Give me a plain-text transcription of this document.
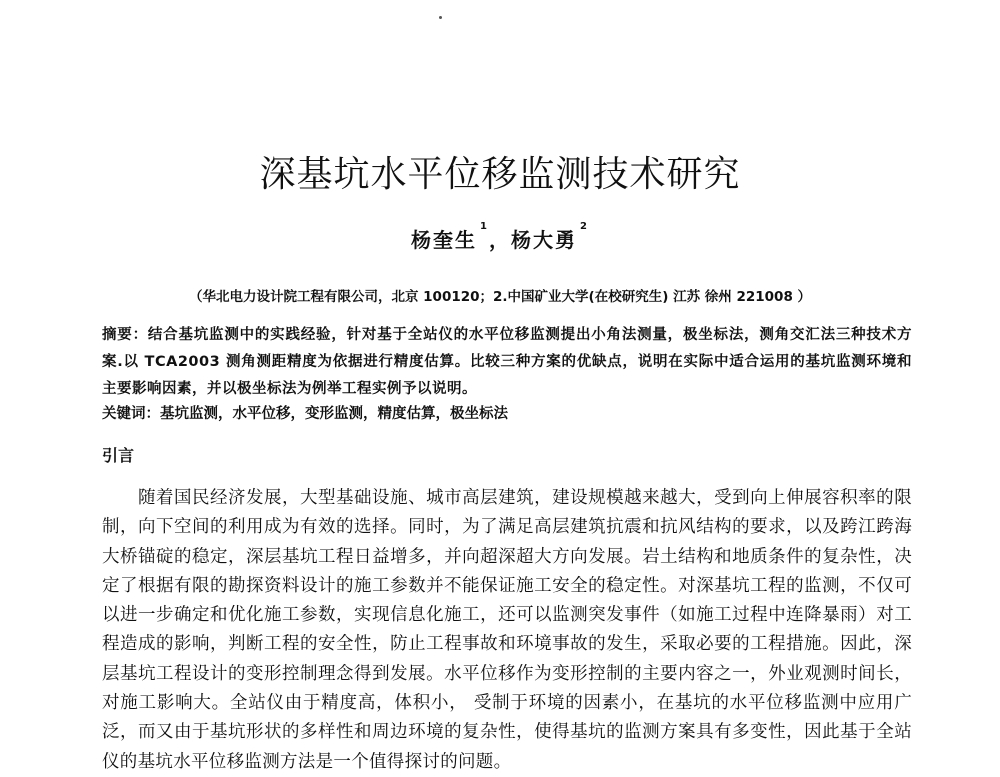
深基坑水平位移监测技术研究
杨奎生$^1$，杨大勇$^2$
（华北电力设计院工程有限公司，北京 100120；2.中国矿业大学(在校研究生) 江苏 徐州 221008 ）
摘要：结合基坑监测中的实践经验，针对基于全站仪的水平位移监测提出小角法测量，极坐标法，测角交汇法三种技术方案.以 TCA2003 测角测距精度为依据进行精度估算。比较三种方案的优缺点，说明在实际中适合运用的基坑监测环境和主要影响因素，并以极坐标法为例举工程实例予以说明。
关键词：基坑监测，水平位移，变形监测，精度估算，极坐标法
引言
随着国民经济发展，大型基础设施、城市高层建筑，建设规模越来越大，受到向上伸展容积率的限制，向下空间的利用成为有效的选择。同时，为了满足高层建筑抗震和抗风结构的要求，以及跨江跨海大桥锚碇的稳定，深层基坑工程日益增多，并向超深超大方向发展。岩土结构和地质条件的复杂性，决定了根据有限的勘探资料设计的施工参数并不能保证施工安全的稳定性。对深基坑工程的监测，不仅可以进一步确定和优化施工参数，实现信息化施工，还可以监测突发事件（如施工过程中连降暴雨）对工程造成的影响，判断工程的安全性，防止工程事故和环境事故的发生，采取必要的工程措施。因此，深层基坑工程设计的变形控制理念得到发展。水平位移作为变形控制的主要内容之一，外业观测时间长，对施工影响大。全站仪由于精度高，体积小， 受制于环境的因素小，在基坑的水平位移监测中应用广泛，而又由于基坑形状的多样性和周边环境的复杂性，使得基坑的监测方案具有多变性，因此基于全站仪的基坑水平位移监测方法是一个值得探讨的问题。
